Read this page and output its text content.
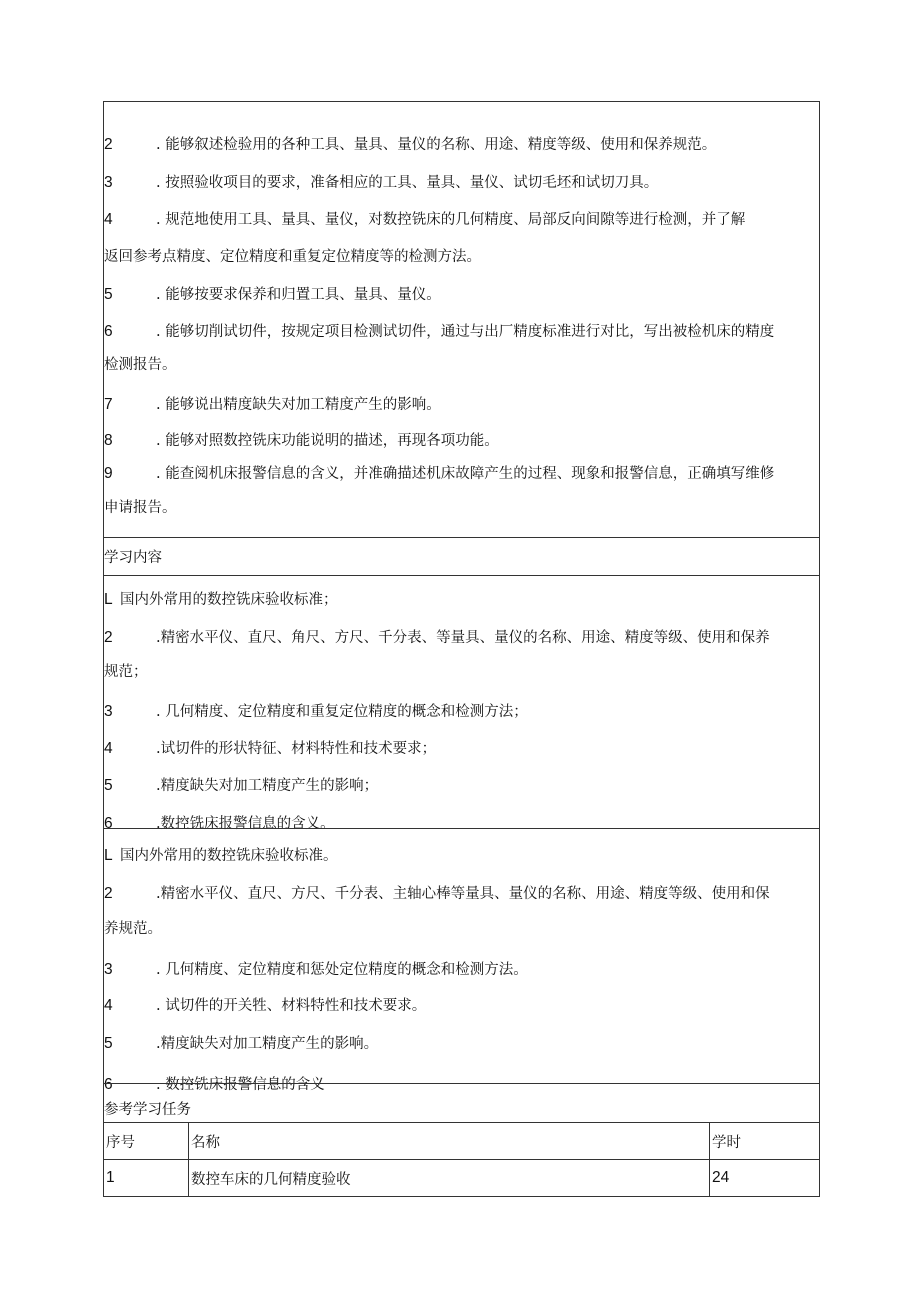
2	. 能够叙述检验用的各种工具、量具、量仪的名称、用途、精度等级、使用和保养规范。
3	. 按照验收项目的要求，准备相应的工具、量具、量仪、试切毛坯和试切刀具。
4	. 规范地使用工具、量具、量仪，对数控铣床的几何精度、局部反向间隙等进行检测，并了解
返回参考点精度、定位精度和重复定位精度等的检测方法。
5	. 能够按要求保养和归置工具、量具、量仪。
6	. 能够切削试切件，按规定项目检测试切件，通过与出厂精度标准进行对比，写出被检机床的精度
检测报告。
7	. 能够说出精度缺失对加工精度产生的影响。
8	. 能够对照数控铣床功能说明的描述，再现各项功能。
9	. 能查阅机床报警信息的含义，并准确描述机床故障产生的过程、现象和报警信息，正确填写维修
申请报告。
学习内容
L 国内外常用的数控铣床验收标准；
2	.精密水平仪、直尺、角尺、方尺、千分表、等量具、量仪的名称、用途、精度等级、使用和保养
规范；
3	. 几何精度、定位精度和重复定位精度的概念和检测方法；
4	.试切件的形状特征、材料特性和技术要求；
5	.精度缺失对加工精度产生的影响；
6	.数控铣床报警信息的含义。
L 国内外常用的数控铣床验收标准。
2	.精密水平仪、直尺、方尺、千分表、主轴心棒等量具、量仪的名称、用途、精度等级、使用和保
养规范。
3	. 几何精度、定位精度和惩处定位精度的概念和检测方法。
4	. 试切件的开关牲、材料特性和技术要求。
5	.精度缺失对加工精度产生的影响。
6	. 数控铣床报警信息的含义
参考学习任务
序号	名称	学时
1	数控车床的几何精度验收	24
